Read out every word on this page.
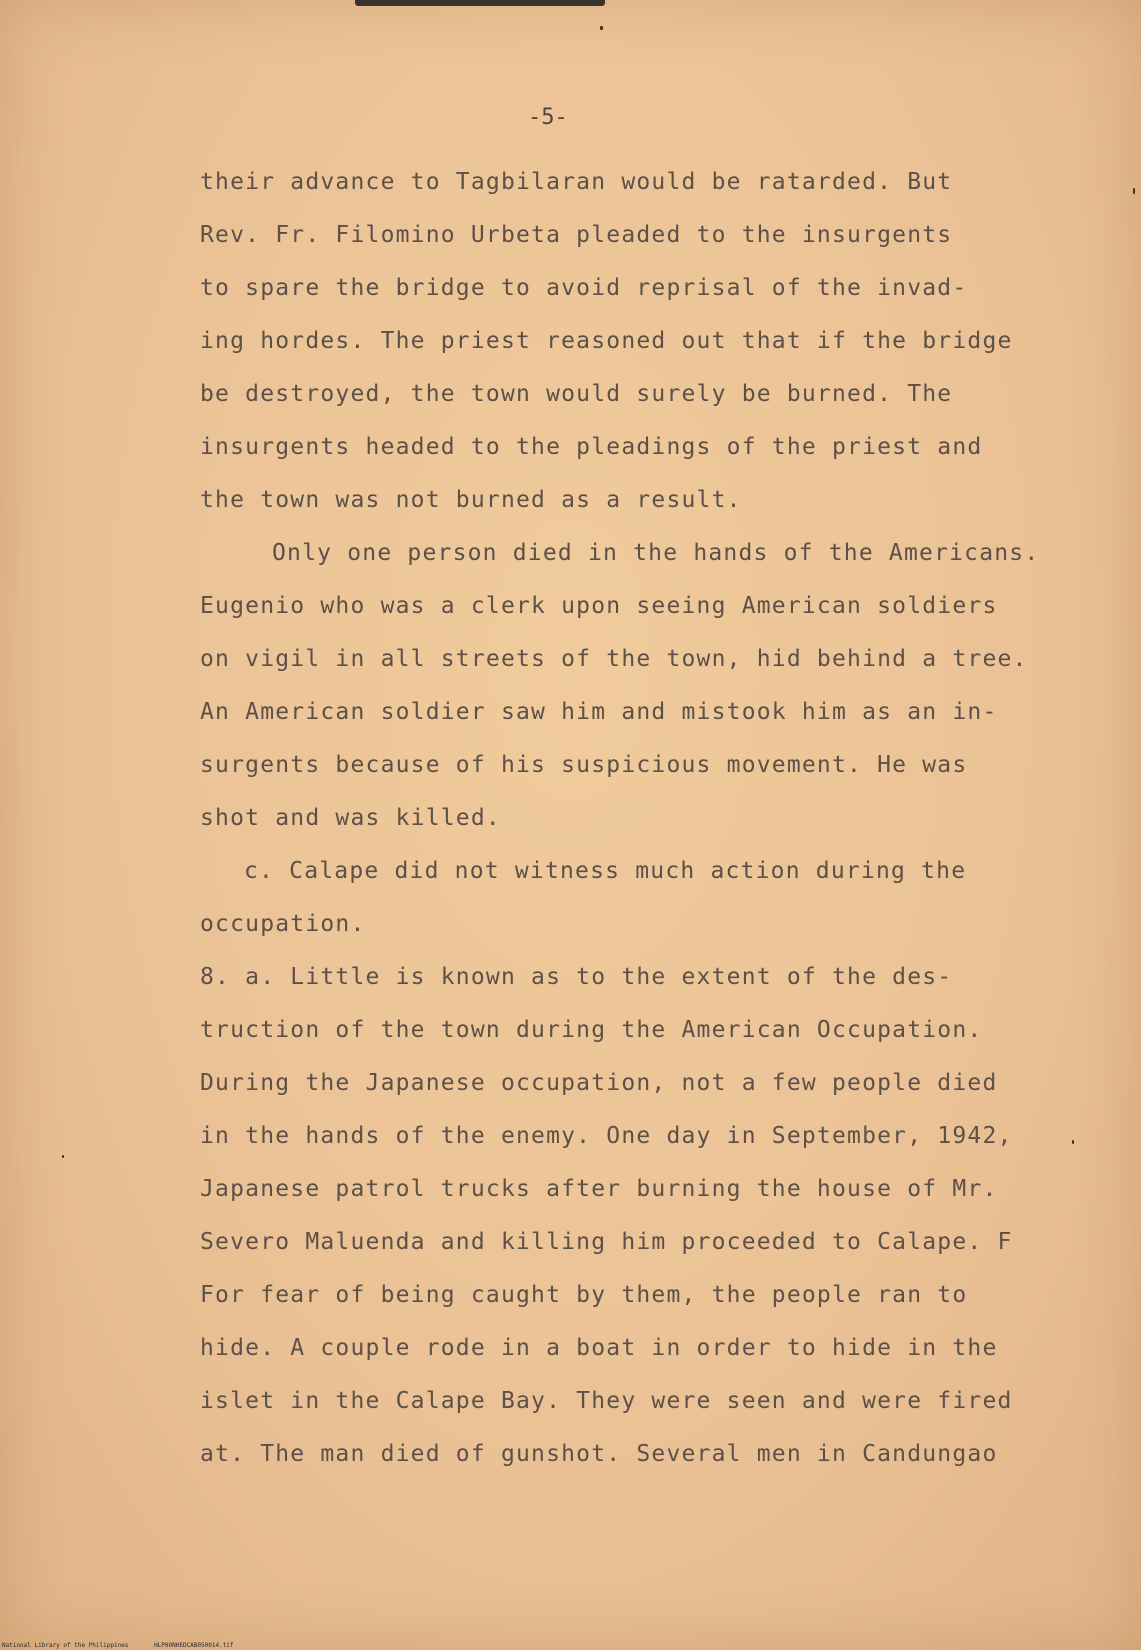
-5-
their advance to Tagbilaran would be ratarded. But
Rev. Fr. Filomino Urbeta pleaded to the insurgents
to spare the bridge to avoid reprisal of the invad-
ing hordes. The priest reasoned out that if the bridge
be destroyed, the town would surely be burned. The
insurgents headed to the pleadings of the priest and
the town was not burned as a result.
Only one person died in the hands of the Americans.
Eugenio who was a clerk upon seeing American soldiers
on vigil in all streets of the town, hid behind a tree.
An American soldier saw him and mistook him as an in-
surgents because of his suspicious movement. He was
shot and was killed.
c. Calape did not witness much action during the
occupation.
8. a. Little is known as to the extent of the des-
truction of the town during the American Occupation.
During the Japanese occupation, not a few people died
in the hands of the enemy. One day in September, 1942,
Japanese patrol trucks after burning the house of Mr.
Severo Maluenda and killing him proceeded to Calape. F
For fear of being caught by them, the people ran to
hide. A couple rode in a boat in order to hide in the
islet in the Calape Bay. They were seen and were fired
at. The man died of gunshot. Several men in Candungao
National Library of the Philippines	HLP00NHEDCAB050014.tif
